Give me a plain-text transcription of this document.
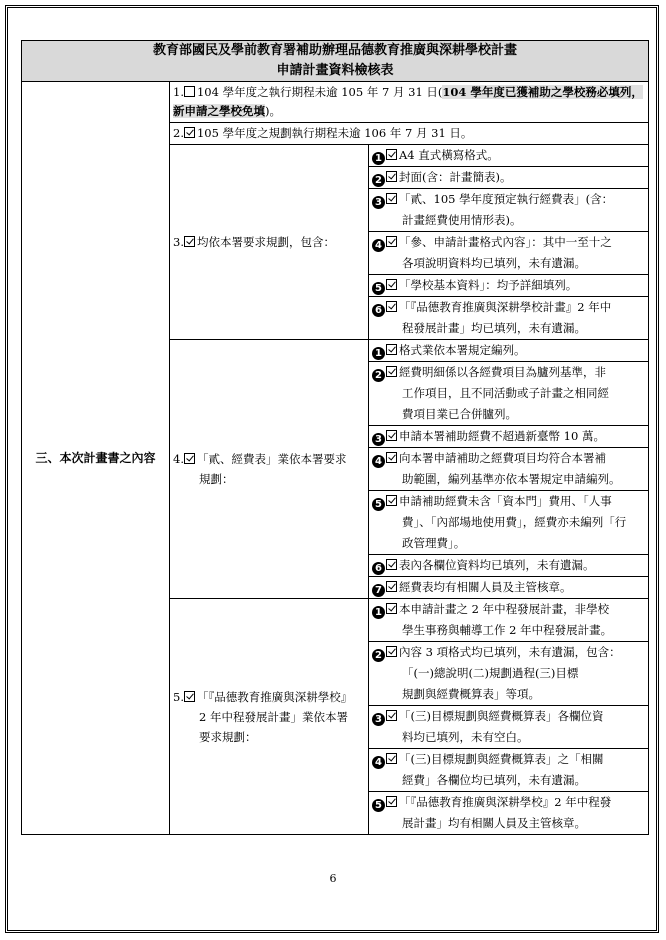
教育部國民及學前教育署補助辦理品德教育推廣與深耕學校計畫
申請計畫資料檢核表		

三、本次計畫書之內容	1. 104 學年度之執行期程未逾 105 年 7 月 31 日(104 學年度已獲補助之學校務必填列，新申請之學校免填)。	
	2. 105 學年度之規劃執行期程未逾 106 年 7 月 31 日。	
	3. 均依本署要求規劃，包含：	1 A4 直式橫寫格式。
		2 封面(含：計畫簡表)。
		3 「貳、105 學年度預定執行經費表」(含：
計畫經費使用情形表)。

		4 「參、申請計畫格式內容」：其中一至十之
各項說明資料均已填列，未有遺漏。

		5 「學校基本資料」：均予詳細填列。
		6 「『品德教育推廣與深耕學校計畫』2 年中
程發展計畫」均已填列，未有遺漏。

	4. 「貳、經費表」業依本署要求
規劃：	1 格式業依本署規定編列。
		2 經費明細係以各經費項目為臚列基準，非
工作項目，且不同活動或子計畫之相同經
費項目業已合併臚列。

		3 申請本署補助經費不超過新臺幣 10 萬。
		4 向本署申請補助之經費項目均符合本署補
助範圍，編列基準亦依本署規定申請編列。

		5 申請補助經費未含「資本門」費用、「人事
費」、「內部場地使用費」，經費亦未編列「行
政管理費」。

		6 表內各欄位資料均已填列，未有遺漏。
		7 經費表均有相關人員及主管核章。
	5. 「『品德教育推廣與深耕學校』
2 年中程發展計畫」業依本署
要求規劃：	1 本申請計畫之 2 年中程發展計畫，非學校
學生事務與輔導工作 2 年中程發展計畫。

		2 內容 3 項格式均已填列，未有遺漏，包含：
「(一)總說明(二)規劃過程(三)目標
規劃與經費概算表」等項。

		3 「(三)目標規劃與經費概算表」各欄位資
料均已填列，未有空白。

		4 「(三)目標規劃與經費概算表」之「相關
經費」各欄位均已填列，未有遺漏。

		5 「『品德教育推廣與深耕學校』2 年中程發
展計畫」均有相關人員及主管核章。
6
